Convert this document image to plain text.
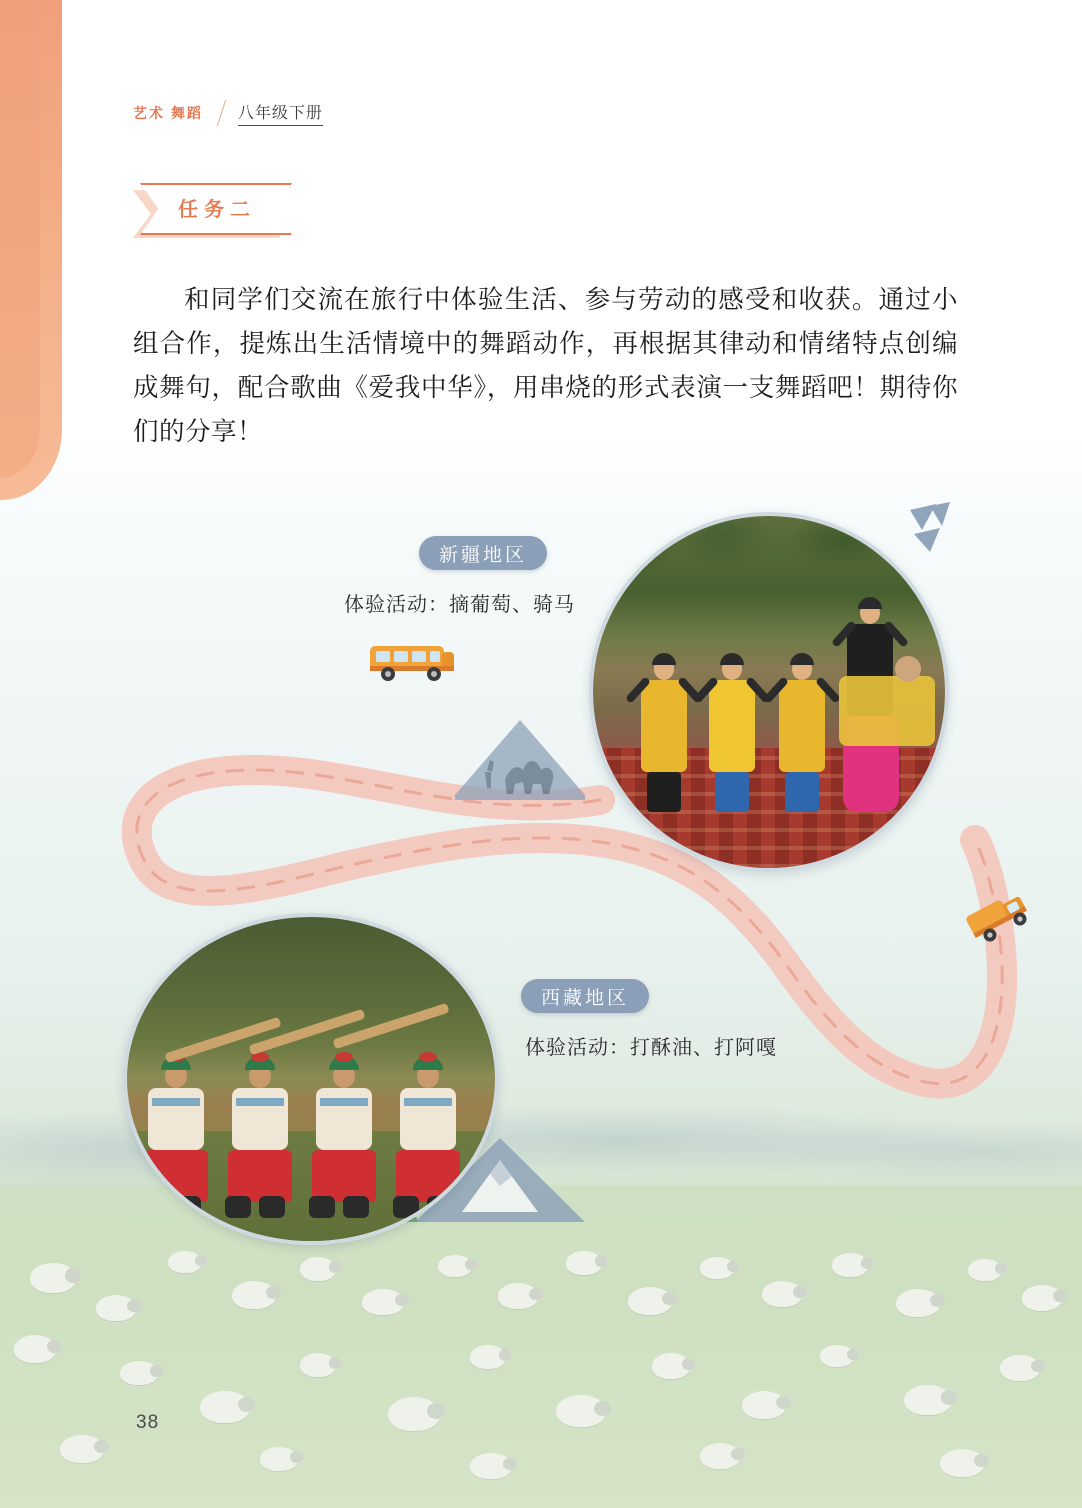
艺术 舞蹈 八年级下册
任务二

和同学们交流在旅行中体验生活、参与劳动的感受和收获。通过小组合作，提炼出生活情境中的舞蹈动作，再根据其律动和情绪特点创编成舞句，配合歌曲《爱我中华》，用串烧的形式表演一支舞蹈吧！期待你们的分享！

新疆地区
体验活动：摘葡萄、骑马
西藏地区
体验活动：打酥油、打阿嘎
38
